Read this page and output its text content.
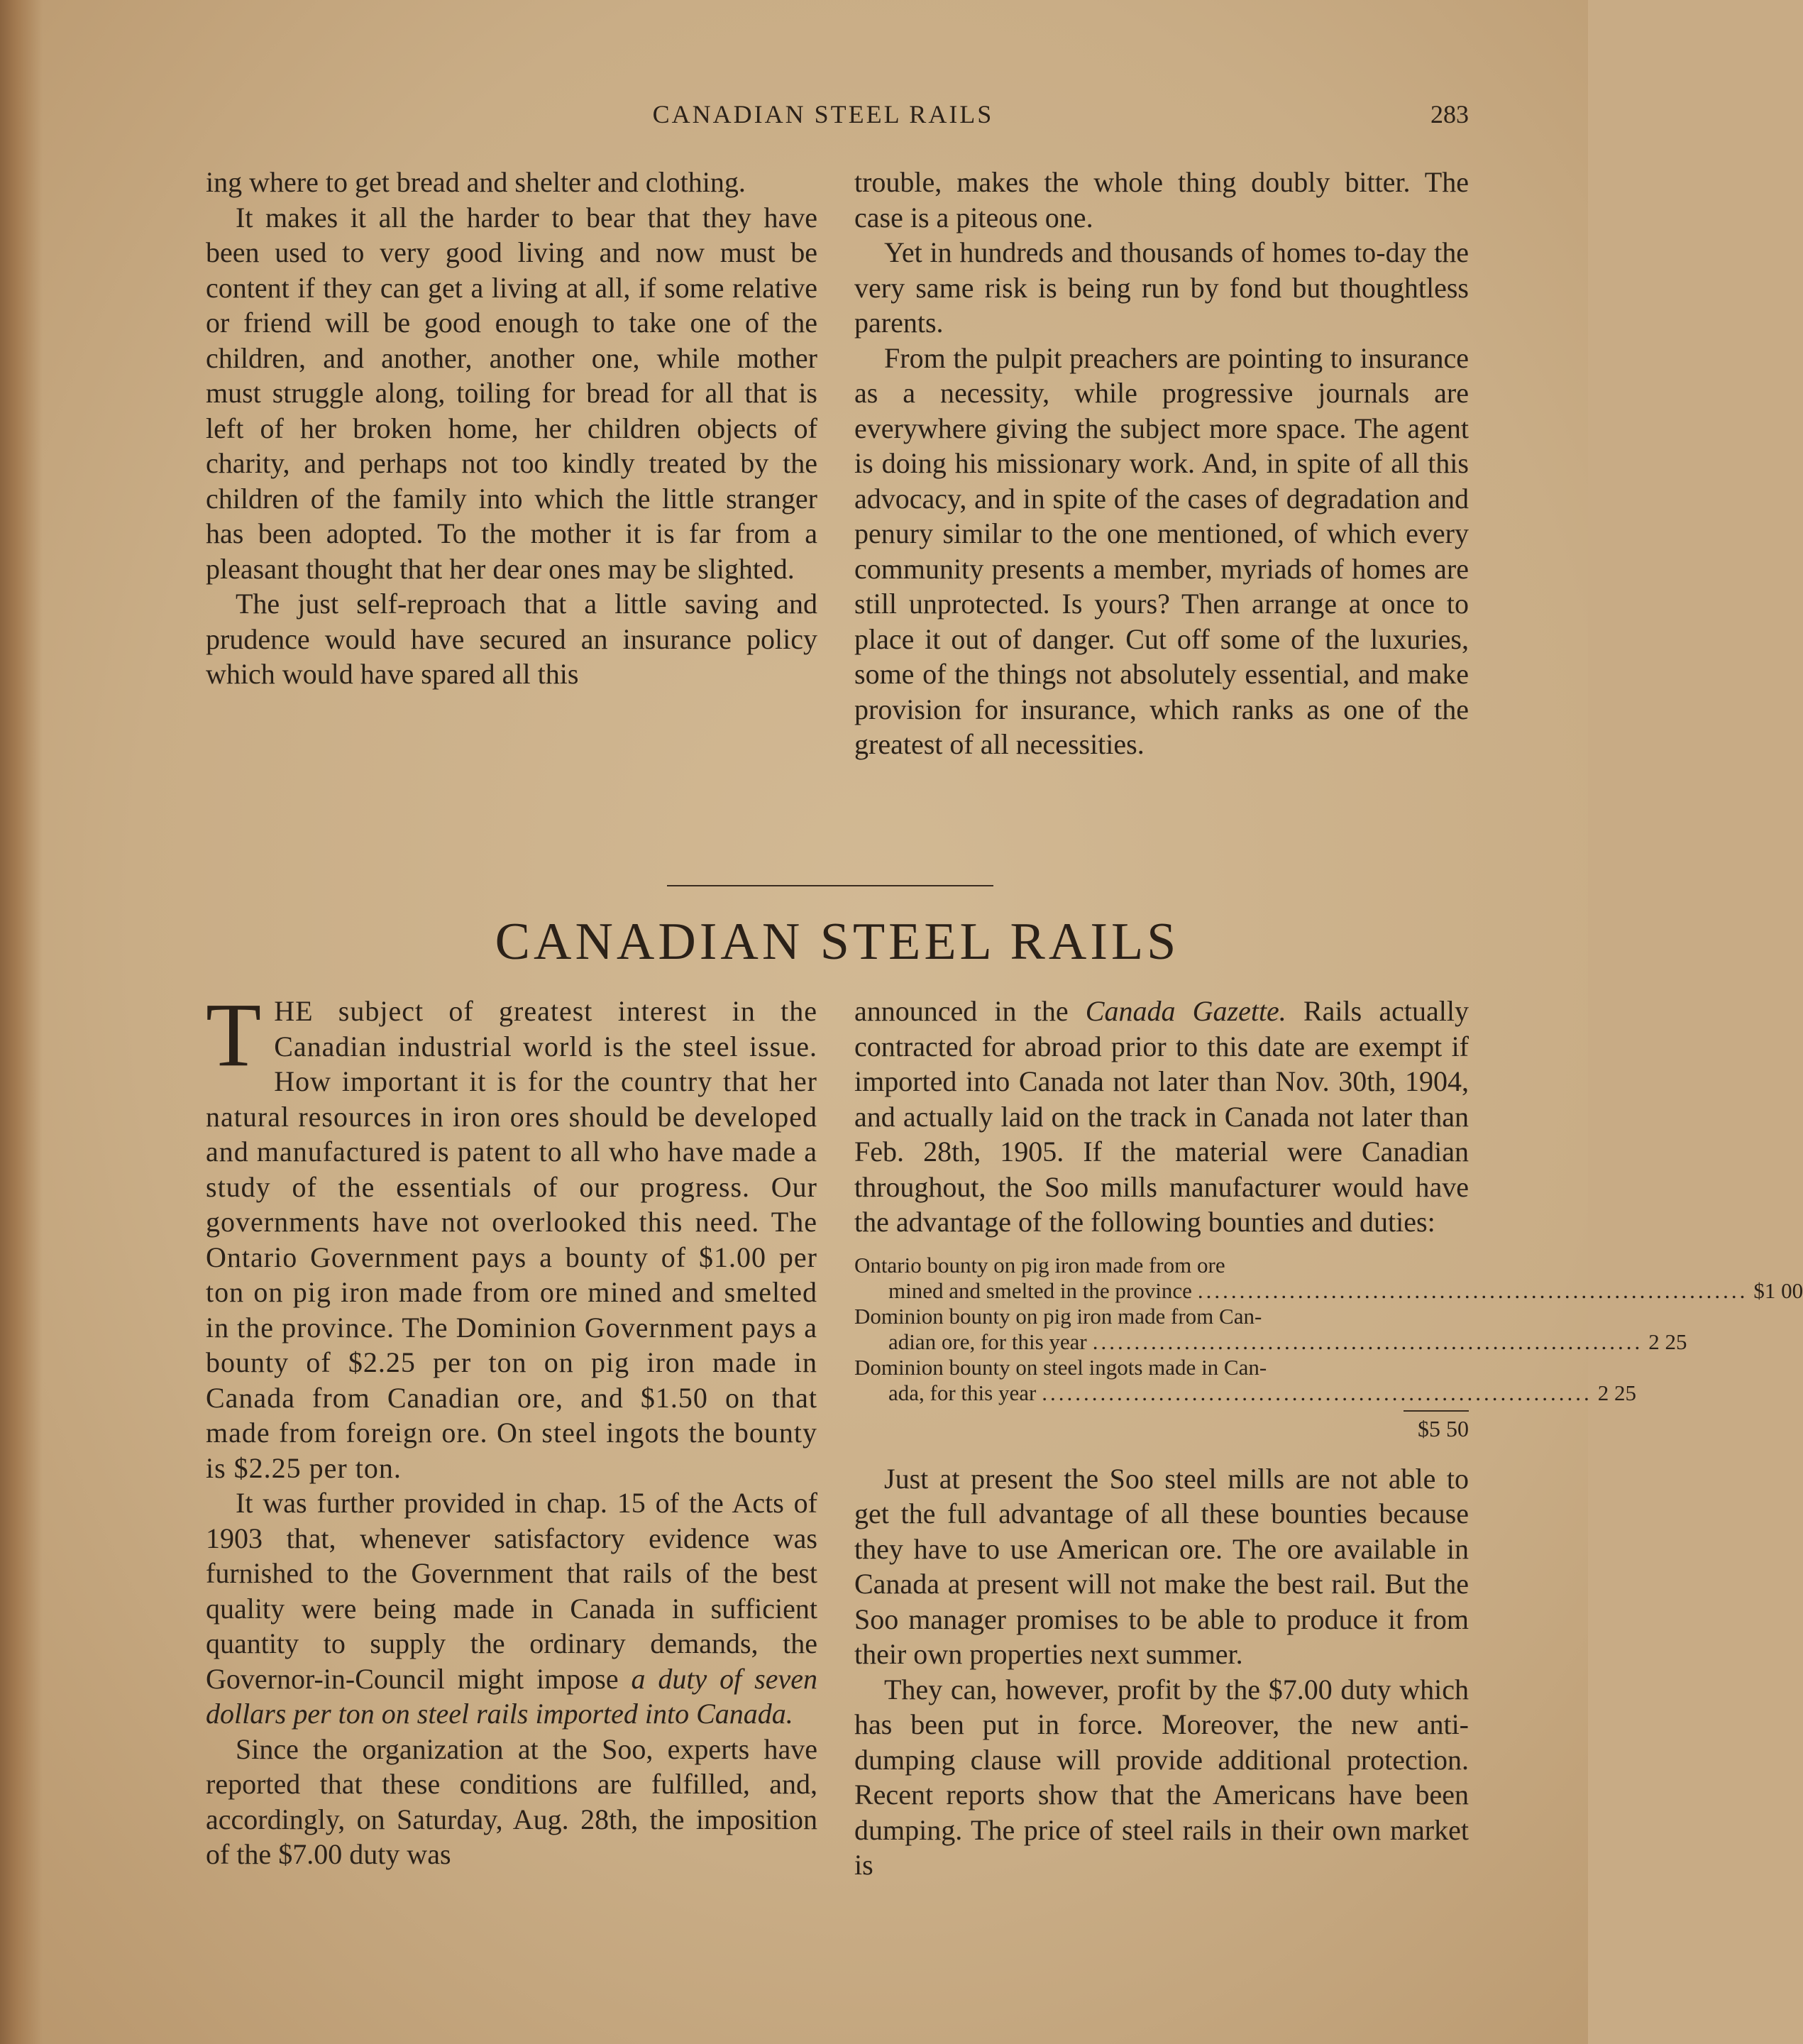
CANADIAN STEEL RAILS	283

ing where to get bread and shelter and clothing.

It makes it all the harder to bear that they have been used to very good living and now must be content if they can get a living at all, if some relative or friend will be good enough to take one of the children, and another, another one, while mother must struggle along, toiling for bread for all that is left of her broken home, her children objects of charity, and perhaps not too kindly treated by the children of the family into which the little stranger has been adopted. To the mother it is far from a pleasant thought that her dear ones may be slighted.

The just self-reproach that a little saving and prudence would have secured an insurance policy which would have spared all this

trouble, makes the whole thing doubly bitter. The case is a piteous one.

Yet in hundreds and thousands of homes to-day the very same risk is being run by fond but thoughtless parents.

From the pulpit preachers are pointing to insurance as a necessity, while progressive journals are everywhere giving the subject more space. The agent is doing his missionary work. And, in spite of all this advocacy, and in spite of the cases of degradation and penury similar to the one mentioned, of which every community presents a member, myriads of homes are still unprotected. Is yours? Then arrange at once to place it out of danger. Cut off some of the luxuries, some of the things not absolutely essential, and make provision for insurance, which ranks as one of the greatest of all necessities.

CANADIAN STEEL RAILS

THE subject of greatest interest in the Canadian industrial world is the steel issue. How important it is for the country that her natural resources in iron ores should be developed and manufactured is patent to all who have made a study of the essentials of our progress. Our governments have not overlooked this need. The Ontario Government pays a bounty of $1.00 per ton on pig iron made from ore mined and smelted in the province. The Dominion Government pays a bounty of $2.25 per ton on pig iron made in Canada from Canadian ore, and $1.50 on that made from foreign ore. On steel ingots the bounty is $2.25 per ton.

It was further provided in chap. 15 of the Acts of 1903 that, whenever satisfactory evidence was furnished to the Government that rails of the best quality were being made in Canada in sufficient quantity to supply the ordinary demands, the Governor-in-Council might impose a duty of seven dollars per ton on steel rails imported into Canada.

Since the organization at the Soo, experts have reported that these conditions are fulfilled, and, accordingly, on Saturday, Aug. 28th, the imposition of the $7.00 duty was

announced in the Canada Gazette. Rails actually contracted for abroad prior to this date are exempt if imported into Canada not later than Nov. 30th, 1904, and actually laid on the track in Canada not later than Feb. 28th, 1905. If the material were Canadian throughout, the Soo mills manufacturer would have the advantage of the following bounties and duties:

Ontario bounty on pig iron made from ore
mined and smelted in the province .................................................................. $1 00
Dominion bounty on pig iron made from Can-
adian ore, for this year .................................................................. 2 25
Dominion bounty on steel ingots made in Can-
ada, for this year .................................................................. 2 25
$5 50

Just at present the Soo steel mills are not able to get the full advantage of all these bounties because they have to use American ore. The ore available in Canada at present will not make the best rail. But the Soo manager promises to be able to produce it from their own properties next summer.

They can, however, profit by the $7.00 duty which has been put in force. Moreover, the new anti-dumping clause will provide additional protection. Recent reports show that the Americans have been dumping. The price of steel rails in their own market is
